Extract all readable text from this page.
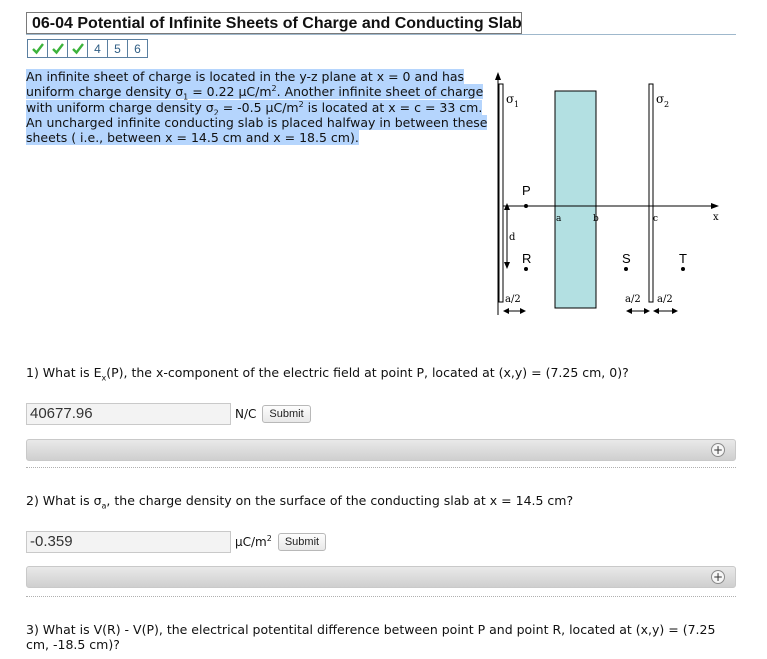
06-04 Potential of Infinite Sheets of Charge and Conducting Slab
4	5	6
An infinite sheet of charge is located in the y-z plane at x = 0 and has uniform charge density $\sigma_1 = 0.22$ $\mu C/m^2$. Another infinite sheet of charge with uniform charge density $\sigma_2 = -0.5$ $\mu C/m^2$ is located at x = c = 33 cm. An uncharged infinite conducting slab is placed halfway in between these sheets ( i.e., between x = 14.5 cm and x = 18.5 cm).
σ 1	σ 2
x
a	b	c
P
d
R	S	T
a/2	a/2 a/2
1) What is $E_x(P)$, the x-component of the electric field at point P, located at (x,y) = (7.25 cm, 0)?
40677.96	N/C	Submit
+
2) What is $\sigma_a$, the charge density on the surface of the conducting slab at x = 14.5 cm?
-0.359	$\mu C/m^2$	Submit
+
3) What is V(R) - V(P), the electrical potentital difference between point P and point R, located at (x,y) = (7.25 cm, -18.5 cm)?
